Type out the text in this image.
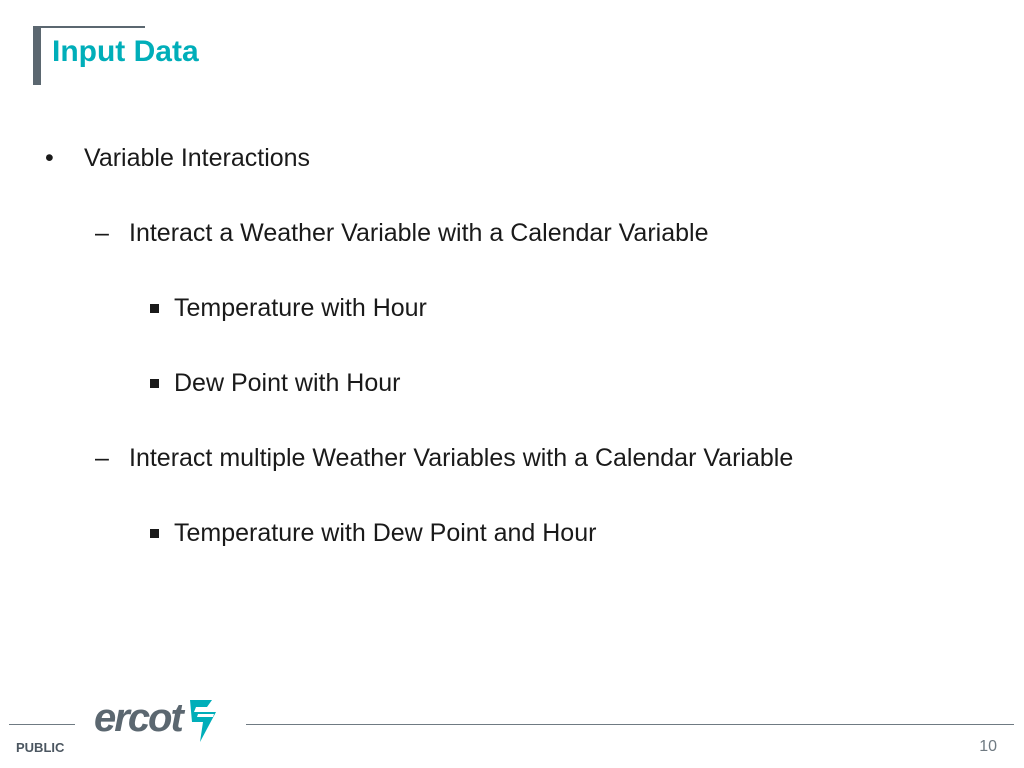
Input Data
• Variable Interactions
– Interact a Weather Variable with a Calendar Variable
Temperature with Hour
Dew Point with Hour
– Interact multiple Weather Variables with a Calendar Variable
Temperature with Dew Point and Hour
ercot
PUBLIC	10
